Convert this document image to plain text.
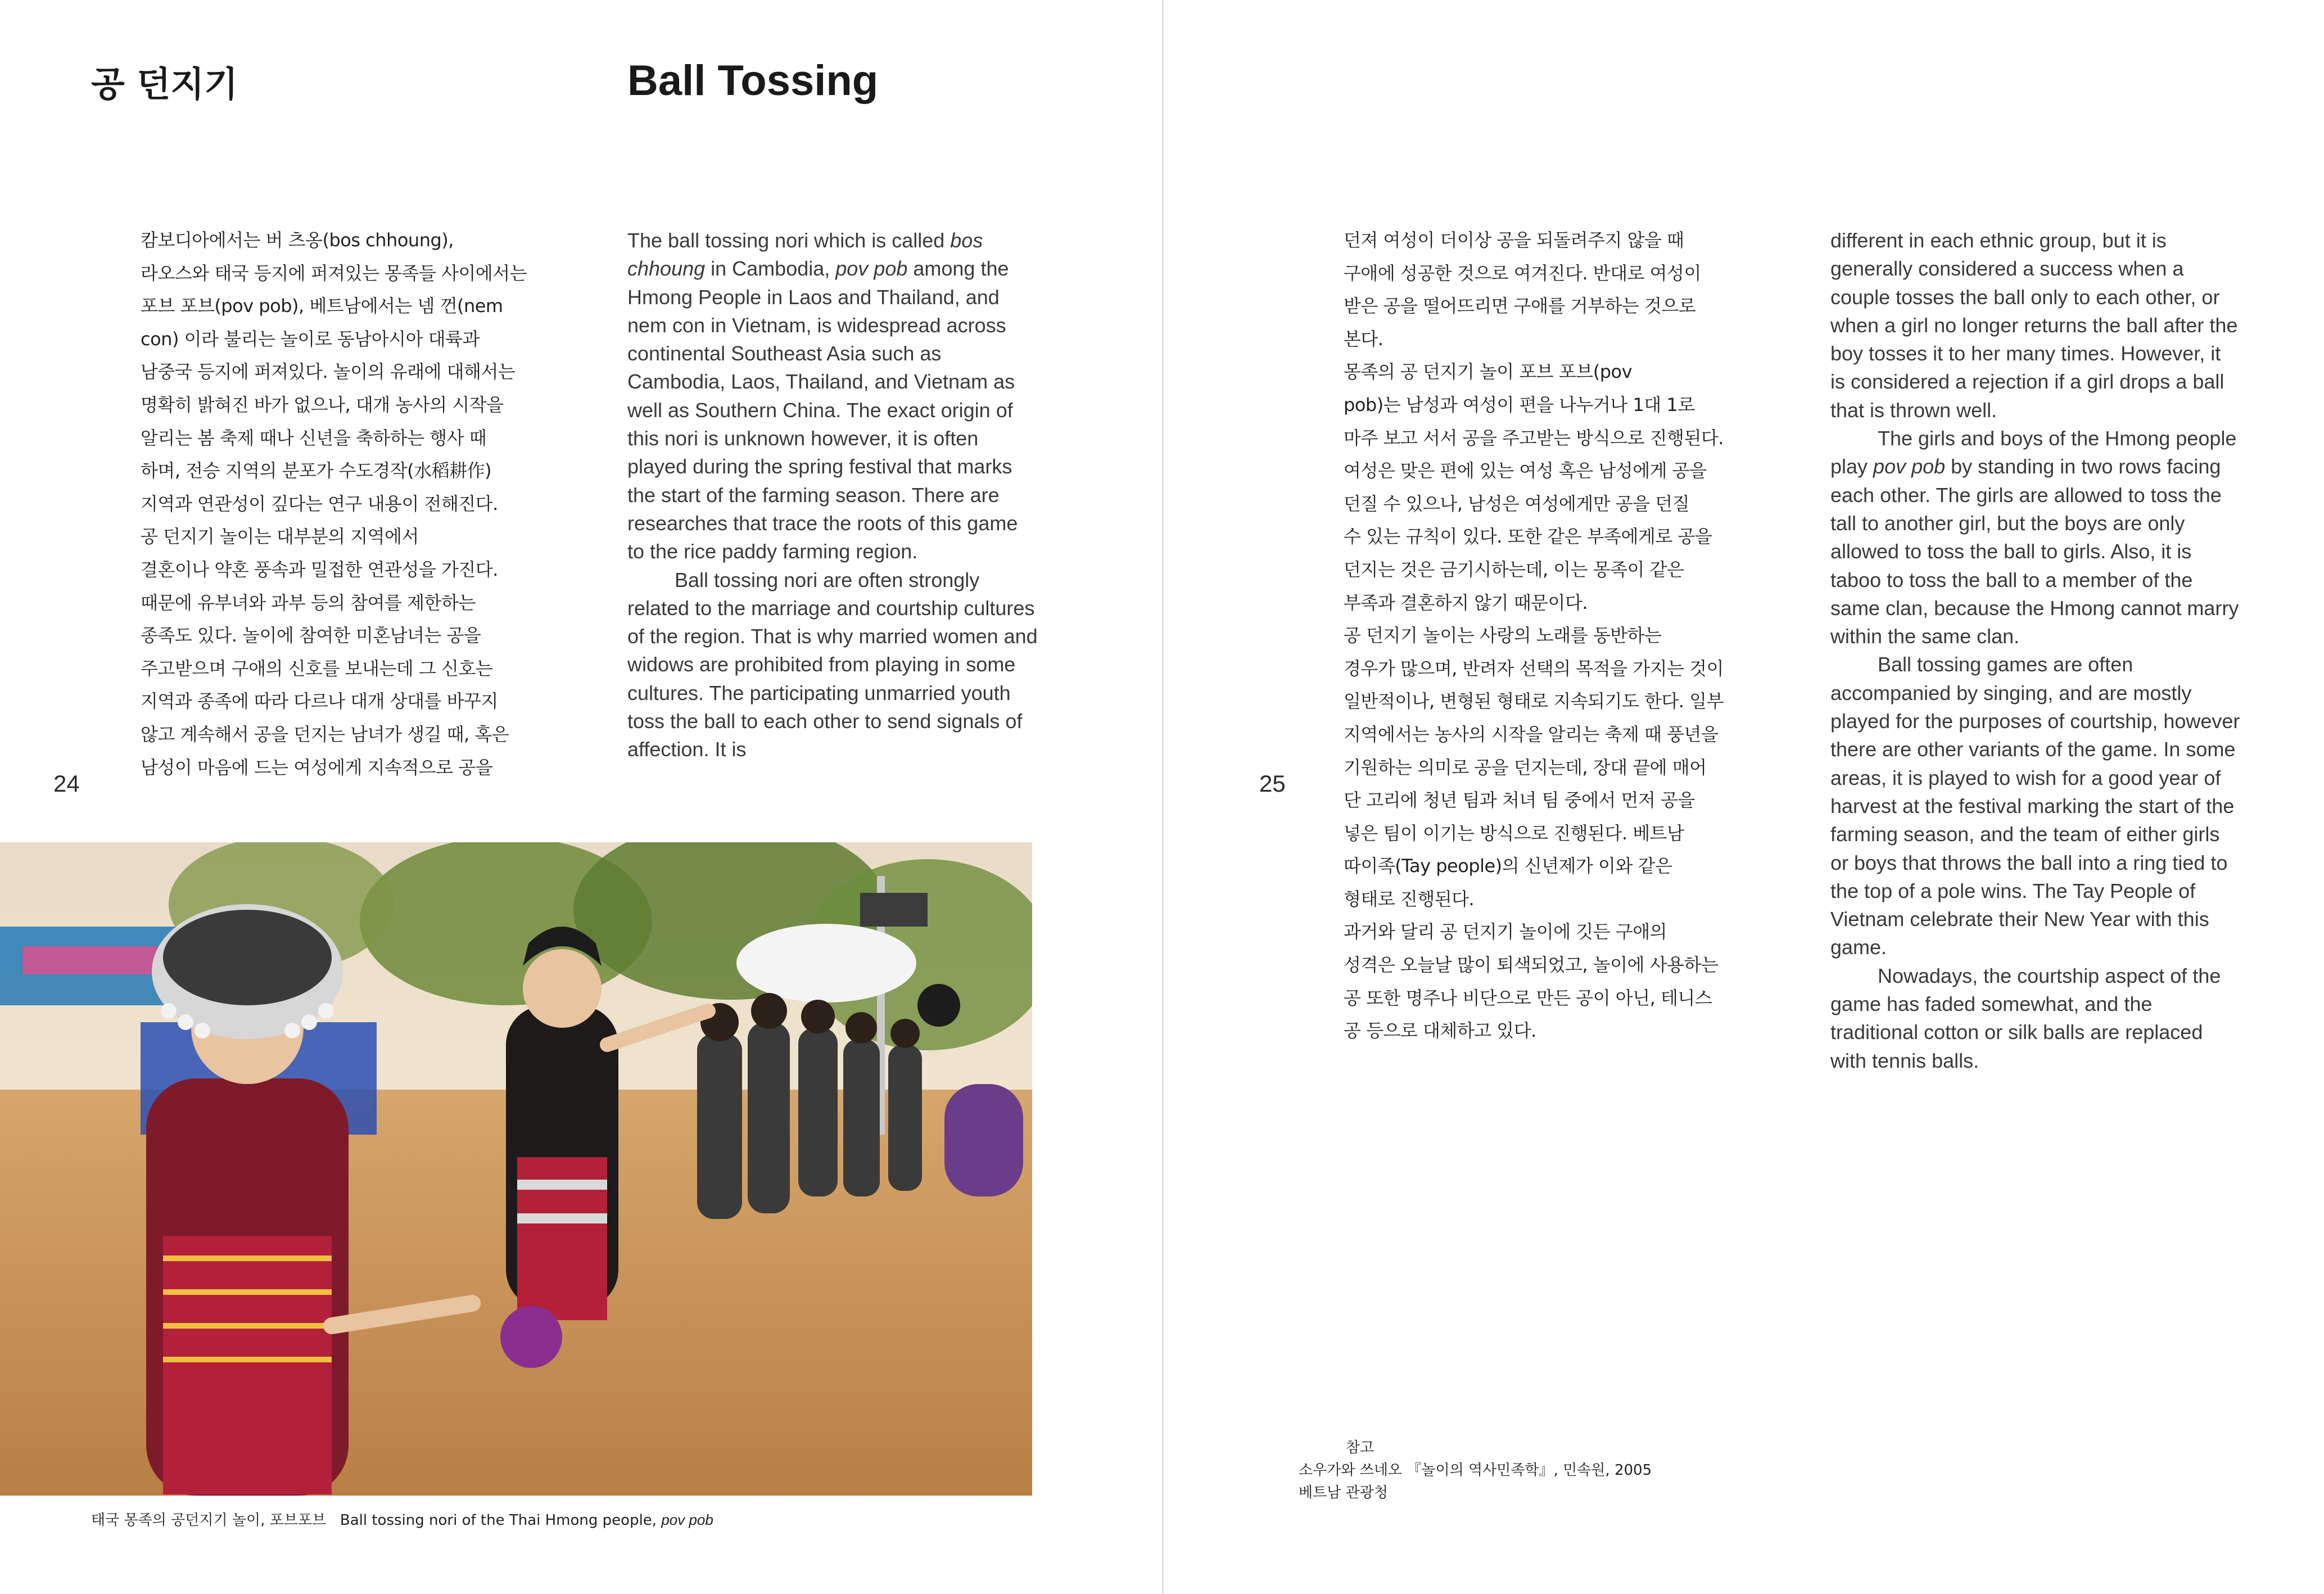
공 던지기	Ball Tossing

캄보디아에서는 버 츠옹(bos chhoung),
라오스와 태국 등지에 퍼져있는 몽족들 사이에서는
포브 포브(pov pob), 베트남에서는 넴 껀(nem
con) 이라 불리는 놀이로 동남아시아 대륙과
남중국 등지에 퍼져있다. 놀이의 유래에 대해서는
명확히 밝혀진 바가 없으나, 대개 농사의 시작을
알리는 봄 축제 때나 신년을 축하하는 행사 때
하며, 전승 지역의 분포가 수도경작(水稻耕作)
지역과 연관성이 깊다는 연구 내용이 전해진다.
공 던지기 놀이는 대부분의 지역에서
결혼이나 약혼 풍속과 밀접한 연관성을 가진다.
때문에 유부녀와 과부 등의 참여를 제한하는
종족도 있다. 놀이에 참여한 미혼남녀는 공을
주고받으며 구애의 신호를 보내는데 그 신호는
지역과 종족에 따라 다르나 대개 상대를 바꾸지
않고 계속해서 공을 던지는 남녀가 생길 때, 혹은
남성이 마음에 드는 여성에게 지속적으로 공을

The ball tossing nori which is called bos chhoung in Cambodia, pov pob among the Hmong People in Laos and Thailand, and nem con in Vietnam, is widespread across continental Southeast Asia such as Cambodia, Laos, Thailand, and Vietnam as well as Southern China. The exact origin of this nori is unknown however, it is often played during the spring festival that marks the start of the farming season. There are researches that trace the roots of this game to the rice paddy farming region.

Ball tossing nori are often strongly related to the marriage and courtship cultures of the region. That is why married women and widows are prohibited from playing in some cultures. The participating unmarried youth toss the ball to each other to send signals of affection. It is

24

태국 몽족의 공던지기 놀이, 포브포브 Ball tossing nori of the Thai Hmong people, pov pob

25

던져 여성이 더이상 공을 되돌려주지 않을 때
구애에 성공한 것으로 여겨진다. 반대로 여성이
받은 공을 떨어뜨리면 구애를 거부하는 것으로
본다.
몽족의 공 던지기 놀이 포브 포브(pov
pob)는 남성과 여성이 편을 나누거나 1대 1로
마주 보고 서서 공을 주고받는 방식으로 진행된다.
여성은 맞은 편에 있는 여성 혹은 남성에게 공을
던질 수 있으나, 남성은 여성에게만 공을 던질
수 있는 규칙이 있다. 또한 같은 부족에게로 공을
던지는 것은 금기시하는데, 이는 몽족이 같은
부족과 결혼하지 않기 때문이다.
공 던지기 놀이는 사랑의 노래를 동반하는
경우가 많으며, 반려자 선택의 목적을 가지는 것이
일반적이나, 변형된 형태로 지속되기도 한다. 일부
지역에서는 농사의 시작을 알리는 축제 때 풍년을
기원하는 의미로 공을 던지는데, 장대 끝에 매어
단 고리에 청년 팀과 처녀 팀 중에서 먼저 공을
넣은 팀이 이기는 방식으로 진행된다. 베트남
따이족(Tay people)의 신년제가 이와 같은
형태로 진행된다.
과거와 달리 공 던지기 놀이에 깃든 구애의
성격은 오늘날 많이 퇴색되었고, 놀이에 사용하는
공 또한 명주나 비단으로 만든 공이 아닌, 테니스
공 등으로 대체하고 있다.

different in each ethnic group, but it is generally considered a success when a couple tosses the ball only to each other, or when a girl no longer returns the ball after the boy tosses it to her many times. However, it is considered a rejection if a girl drops a ball that is thrown well.

The girls and boys of the Hmong people play pov pob by standing in two rows facing each other. The girls are allowed to toss the tall to another girl, but the boys are only allowed to toss the ball to girls. Also, it is taboo to toss the ball to a member of the same clan, because the Hmong cannot marry within the same clan.

Ball tossing games are often accompanied by singing, and are mostly played for the purposes of courtship, however there are other variants of the game. In some areas, it is played to wish for a good year of harvest at the festival marking the start of the farming season, and the team of either girls or boys that throws the ball into a ring tied to the top of a pole wins. The Tay People of Vietnam celebrate their New Year with this game.

Nowadays, the courtship aspect of the game has faded somewhat, and the traditional cotton or silk balls are replaced with tennis balls.

참고
소우가와 쓰네오 『놀이의 역사민족학』, 민속원, 2005
베트남 관광청
